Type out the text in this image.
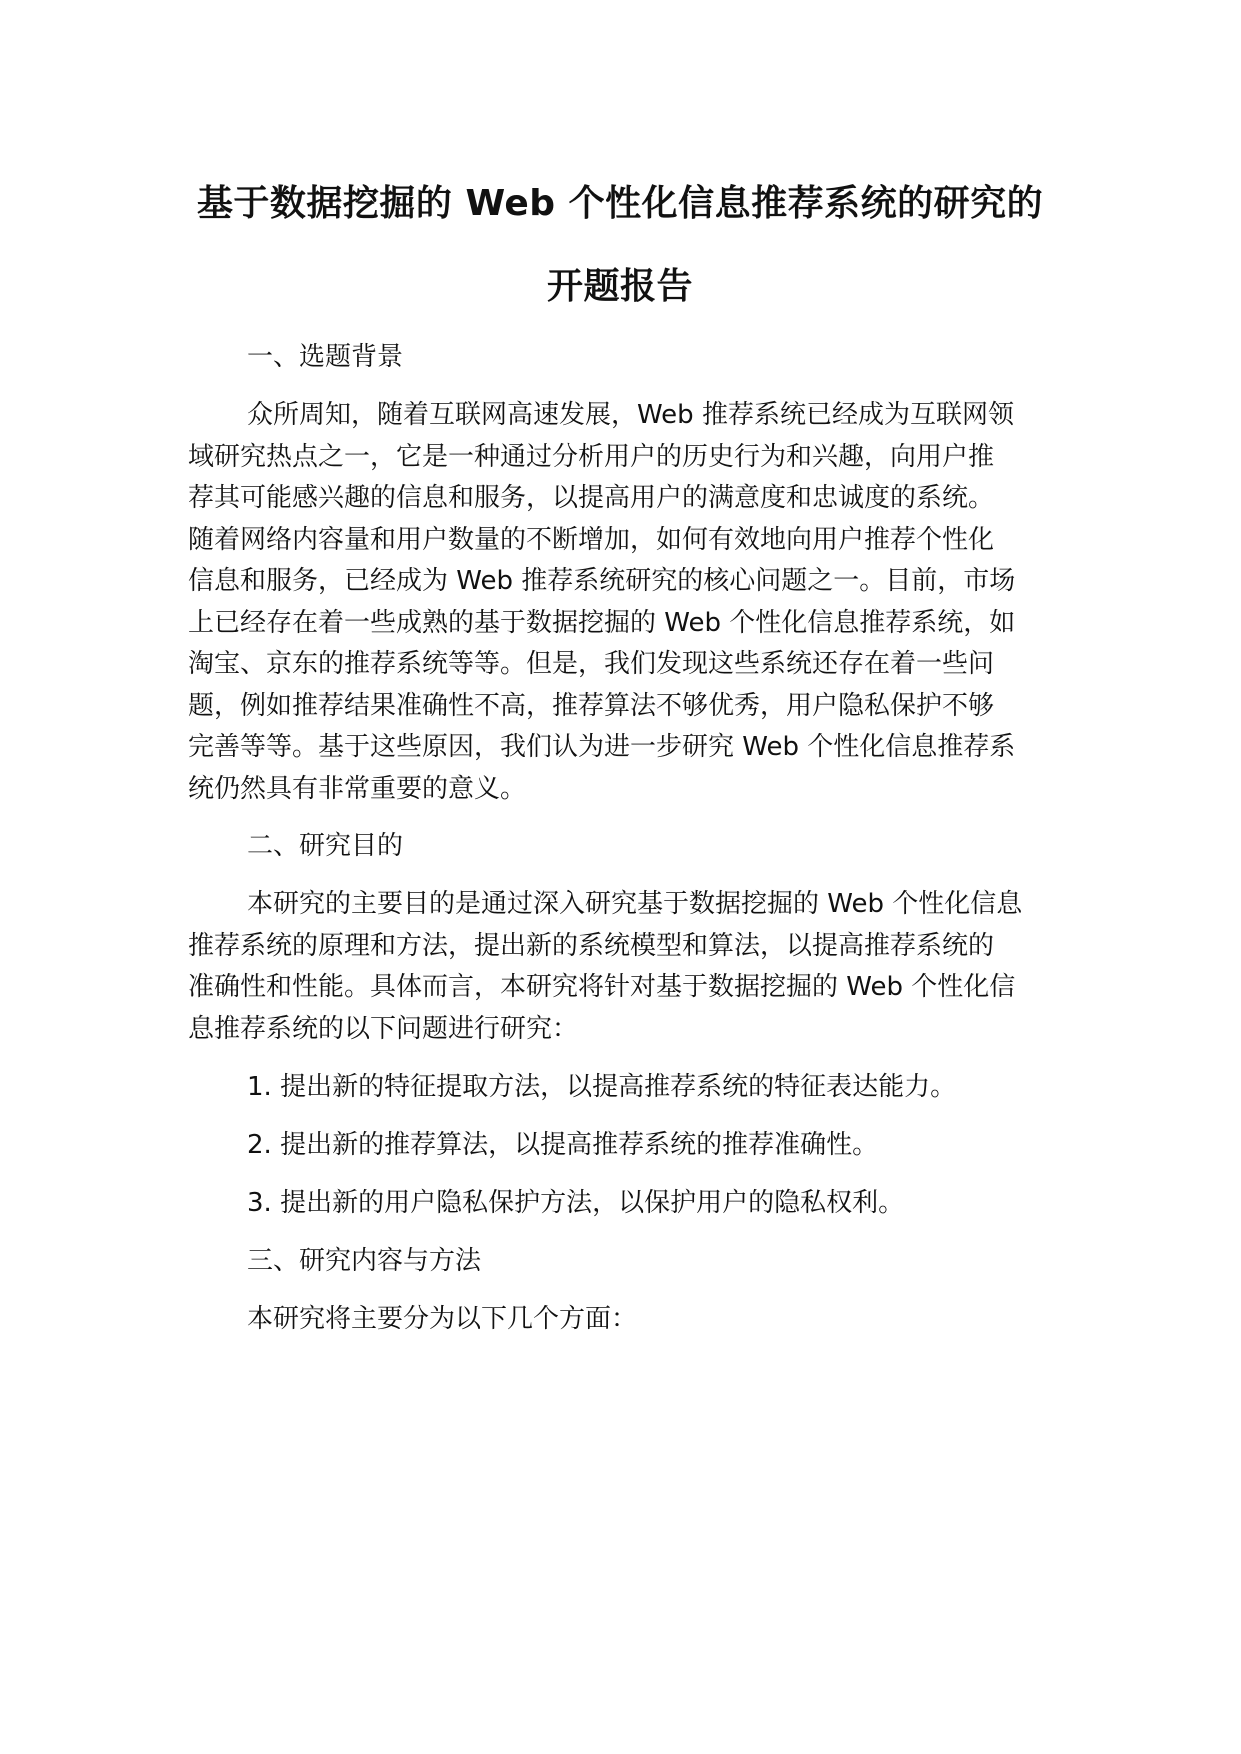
基于数据挖掘的 Web 个性化信息推荐系统的研究的
开题报告
一、选题背景
众所周知，随着互联网高速发展，Web 推荐系统已经成为互联网领
域研究热点之一，它是一种通过分析用户的历史行为和兴趣，向用户推
荐其可能感兴趣的信息和服务，以提高用户的满意度和忠诚度的系统。
随着网络内容量和用户数量的不断增加，如何有效地向用户推荐个性化
信息和服务，已经成为 Web 推荐系统研究的核心问题之一。目前，市场
上已经存在着一些成熟的基于数据挖掘的 Web 个性化信息推荐系统，如
淘宝、京东的推荐系统等等。但是，我们发现这些系统还存在着一些问
题，例如推荐结果准确性不高，推荐算法不够优秀，用户隐私保护不够
完善等等。基于这些原因，我们认为进一步研究 Web 个性化信息推荐系
统仍然具有非常重要的意义。
二、研究目的
本研究的主要目的是通过深入研究基于数据挖掘的 Web 个性化信息
推荐系统的原理和方法，提出新的系统模型和算法，以提高推荐系统的
准确性和性能。具体而言，本研究将针对基于数据挖掘的 Web 个性化信
息推荐系统的以下问题进行研究：
1. 提出新的特征提取方法，以提高推荐系统的特征表达能力。
2. 提出新的推荐算法，以提高推荐系统的推荐准确性。
3. 提出新的用户隐私保护方法，以保护用户的隐私权利。
三、研究内容与方法
本研究将主要分为以下几个方面：
